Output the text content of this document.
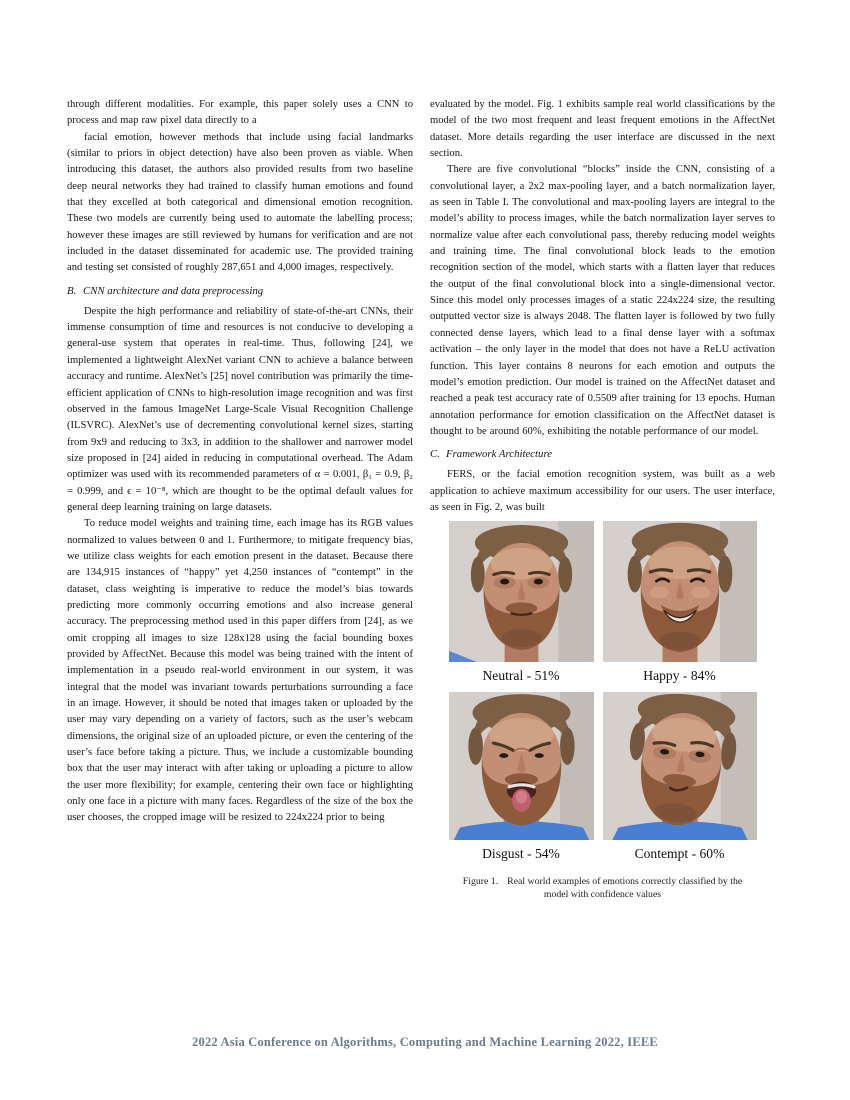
through different modalities. For example, this paper solely uses a CNN to process and map raw pixel data directly to a

facial emotion, however methods that include using facial landmarks (similar to priors in object detection) have also been proven as viable. When introducing this dataset, the authors also provided results from two baseline deep neural networks they had trained to classify human emotions and found that they excelled at both categorical and dimensional emotion recognition. These two models are currently being used to automate the labelling process; however these images are still reviewed by humans for verification and are not included in the dataset disseminated for academic use. The provided training and testing set consisted of roughly 287,651 and 4,000 images, respectively.

B. CNN architecture and data preprocessing

Despite the high performance and reliability of state-of-the-art CNNs, their immense consumption of time and resources is not conducive to developing a general-use system that operates in real-time. Thus, following [24], we implemented a lightweight AlexNet variant CNN to achieve a balance between accuracy and runtime. AlexNet’s [25] novel contribution was primarily the time-efficient application of CNNs to high-resolution image recognition and was first observed in the famous ImageNet Large-Scale Visual Recognition Challenge (ILSVRC). AlexNet’s use of decrementing convolutional kernel sizes, starting from 9x9 and reducing to 3x3, in addition to the shallower and narrower model size proposed in [24] aided in reducing in computational overhead. The Adam optimizer was used with its recommended parameters of α = 0.001, β₁ = 0.9, β₂ = 0.999, and ϵ = 10⁻⁸, which are thought to be the optimal default values for general deep learning training on large datasets.

To reduce model weights and training time, each image has its RGB values normalized to values between 0 and 1. Furthermore, to mitigate frequency bias, we utilize class weights for each emotion present in the dataset. Because there are 134,915 instances of “happy” yet 4,250 instances of “contempt” in the dataset, class weighting is imperative to reduce the model’s bias towards predicting more commonly occurring emotions and also increase general accuracy. The preprocessing method used in this paper differs from [24], as we omit cropping all images to size 128x128 using the facial bounding boxes provided by AffectNet. Because this model was being trained with the intent of implementation in a pseudo real-world environment in our system, it was integral that the model was invariant towards perturbations surrounding a face in an image. However, it should be noted that images taken or uploaded by the user may vary depending on a variety of factors, such as the user’s webcam dimensions, the original size of an uploaded picture, or even the centering of the user’s face before taking a picture. Thus, we include a customizable bounding box that the user may interact with after taking or uploading a picture to allow the user more flexibility; for example, centering their own face or highlighting only one face in a picture with many faces. Regardless of the size of the box the user chooses, the cropped image will be resized to 224x224 prior to being

evaluated by the model. Fig. 1 exhibits sample real world classifications by the model of the two most frequent and least frequent emotions in the AffectNet dataset. More details regarding the user interface are discussed in the next section.

There are five convolutional “blocks” inside the CNN, consisting of a convolutional layer, a 2x2 max-pooling layer, and a batch normalization layer, as seen in Table I. The convolutional and max-pooling layers are integral to the model’s ability to process images, while the batch normalization layer serves to normalize value after each convolutional pass, thereby reducing model weights and training time. The final convolutional block leads to the emotion recognition section of the model, which starts with a flatten layer that reduces the output of the final convolutional block into a single-dimensional vector. Since this model only processes images of a static 224x224 size, the resulting outputted vector size is always 2048. The flatten layer is followed by two fully connected dense layers, which lead to a final dense layer with a softmax activation – the only layer in the model that does not have a ReLU activation function. This layer contains 8 neurons for each emotion and outputs the model’s emotion prediction. Our model is trained on the AffectNet dataset and reached a peak test accuracy rate of 0.5509 after training for 13 epochs. Human annotation performance for emotion classification on the AffectNet dataset is thought to be around 60%, exhibiting the notable performance of our model.

C. Framework Architecture

FERS, or the facial emotion recognition system, was built as a web application to achieve maximum accessibility for our users. The user interface, as seen in Fig. 2, was built

Neutral - 51%	Happy - 84%
Disgust - 54%	Contempt - 60%
Figure 1. Real world examples of emotions correctly classified by the model with confidence values
2022 Asia Conference on Algorithms, Computing and Machine Learning 2022, IEEE
